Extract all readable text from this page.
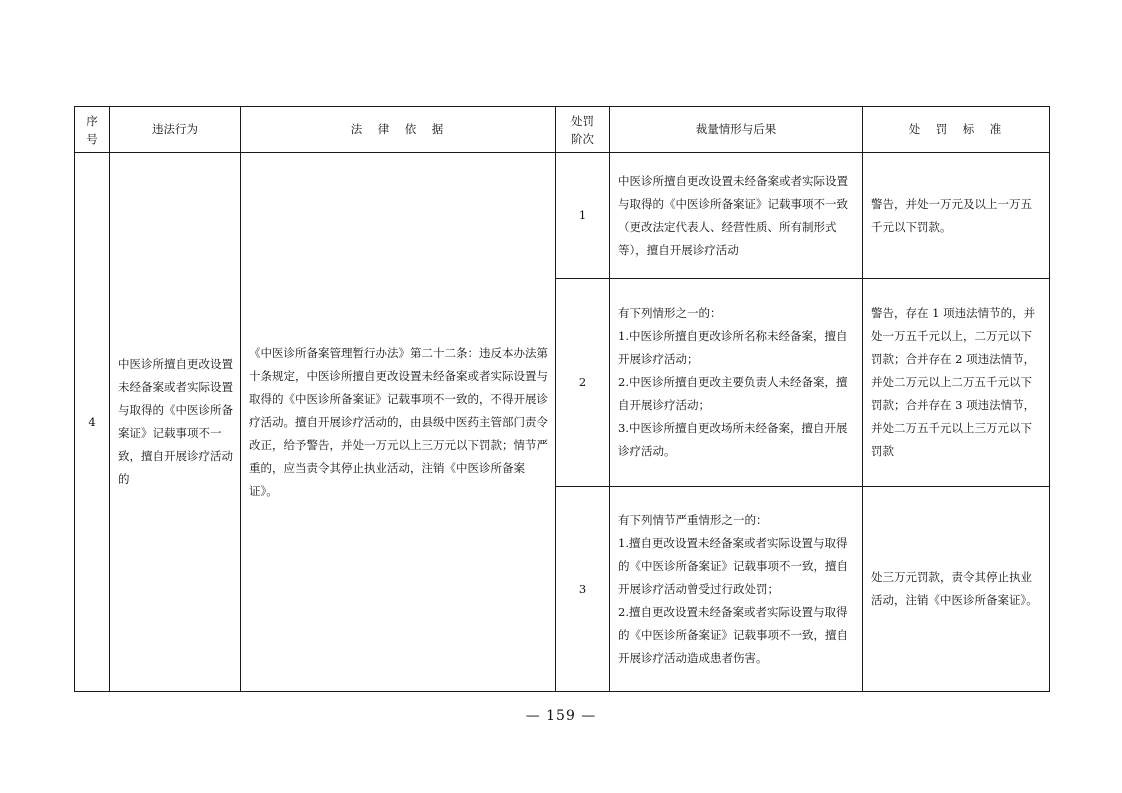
序号	违法行为	法　律　依　据	处罚阶次	裁量情形与后果	处　罚　标　准
4	中医诊所擅自更改设置未经备案或者实际设置与取得的《中医诊所备案证》记载事项不一致，擅自开展诊疗活动的	《中医诊所备案管理暂行办法》第二十二条：违反本办法第十条规定，中医诊所擅自更改设置未经备案或者实际设置与取得的《中医诊所备案证》记载事项不一致的，不得开展诊疗活动。擅自开展诊疗活动的，由县级中医药主管部门责令改正，给予警告，并处一万元以上三万元以下罚款；情节严重的，应当责令其停止执业活动，注销《中医诊所备案证》。	1	中医诊所擅自更改设置未经备案或者实际设置与取得的《中医诊所备案证》记载事项不一致（更改法定代表人、经营性质、所有制形式等），擅自开展诊疗活动	警告，并处一万元及以上一万五千元以下罚款。
			2	有下列情形之一的：
1.中医诊所擅自更改诊所名称未经备案，擅自开展诊疗活动；
2.中医诊所擅自更改主要负责人未经备案，擅自开展诊疗活动；
3.中医诊所擅自更改场所未经备案，擅自开展诊疗活动。	警告，存在 1 项违法情节的，并处一万五千元以上，二万元以下罚款；合并存在 2 项违法情节，并处二万元以上二万五千元以下罚款；合并存在 3 项违法情节，并处二万五千元以上三万元以下罚款
			3	有下列情节严重情形之一的：
1.擅自更改设置未经备案或者实际设置与取得的《中医诊所备案证》记载事项不一致，擅自开展诊疗活动曾受过行政处罚；
2.擅自更改设置未经备案或者实际设置与取得的《中医诊所备案证》记载事项不一致，擅自开展诊疗活动造成患者伤害。	处三万元罚款，责令其停止执业活动，注销《中医诊所备案证》。
— 159 —
